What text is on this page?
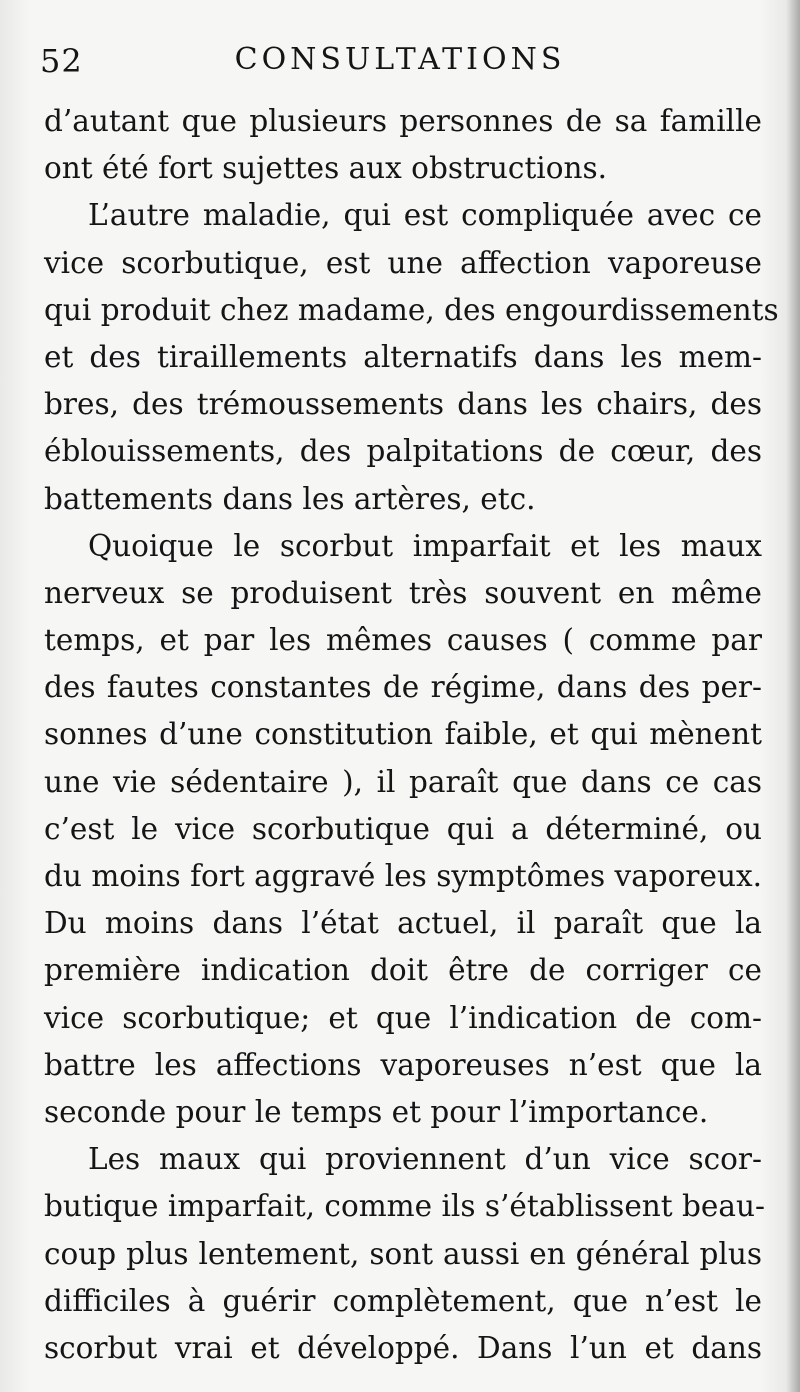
52	CONSULTATIONS
d’autant que plusieurs personnes de sa famille
ont été fort sujettes aux obstructions.
L’autre maladie, qui est compliquée avec ce
vice scorbutique, est une affection vaporeuse
qui produit chez madame, des engourdissements
et des tiraillements alternatifs dans les mem-
bres, des trémoussements dans les chairs, des
éblouissements, des palpitations de cœur, des
battements dans les artères, etc.
Quoique le scorbut imparfait et les maux
nerveux se produisent très souvent en même
temps, et par les mêmes causes ( comme par
des fautes constantes de régime, dans des per-
sonnes d’une constitution faible, et qui mènent
une vie sédentaire ), il paraît que dans ce cas
c’est le vice scorbutique qui a déterminé, ou
du moins fort aggravé les symptômes vaporeux.
Du moins dans l’état actuel, il paraît que la
première indication doit être de corriger ce
vice scorbutique; et que l’indication de com-
battre les affections vaporeuses n’est que la
seconde pour le temps et pour l’importance.
Les maux qui proviennent d’un vice scor-
butique imparfait, comme ils s’établissent beau-
coup plus lentement, sont aussi en général plus
difficiles à guérir complètement, que n’est le
scorbut vrai et développé. Dans l’un et dans
